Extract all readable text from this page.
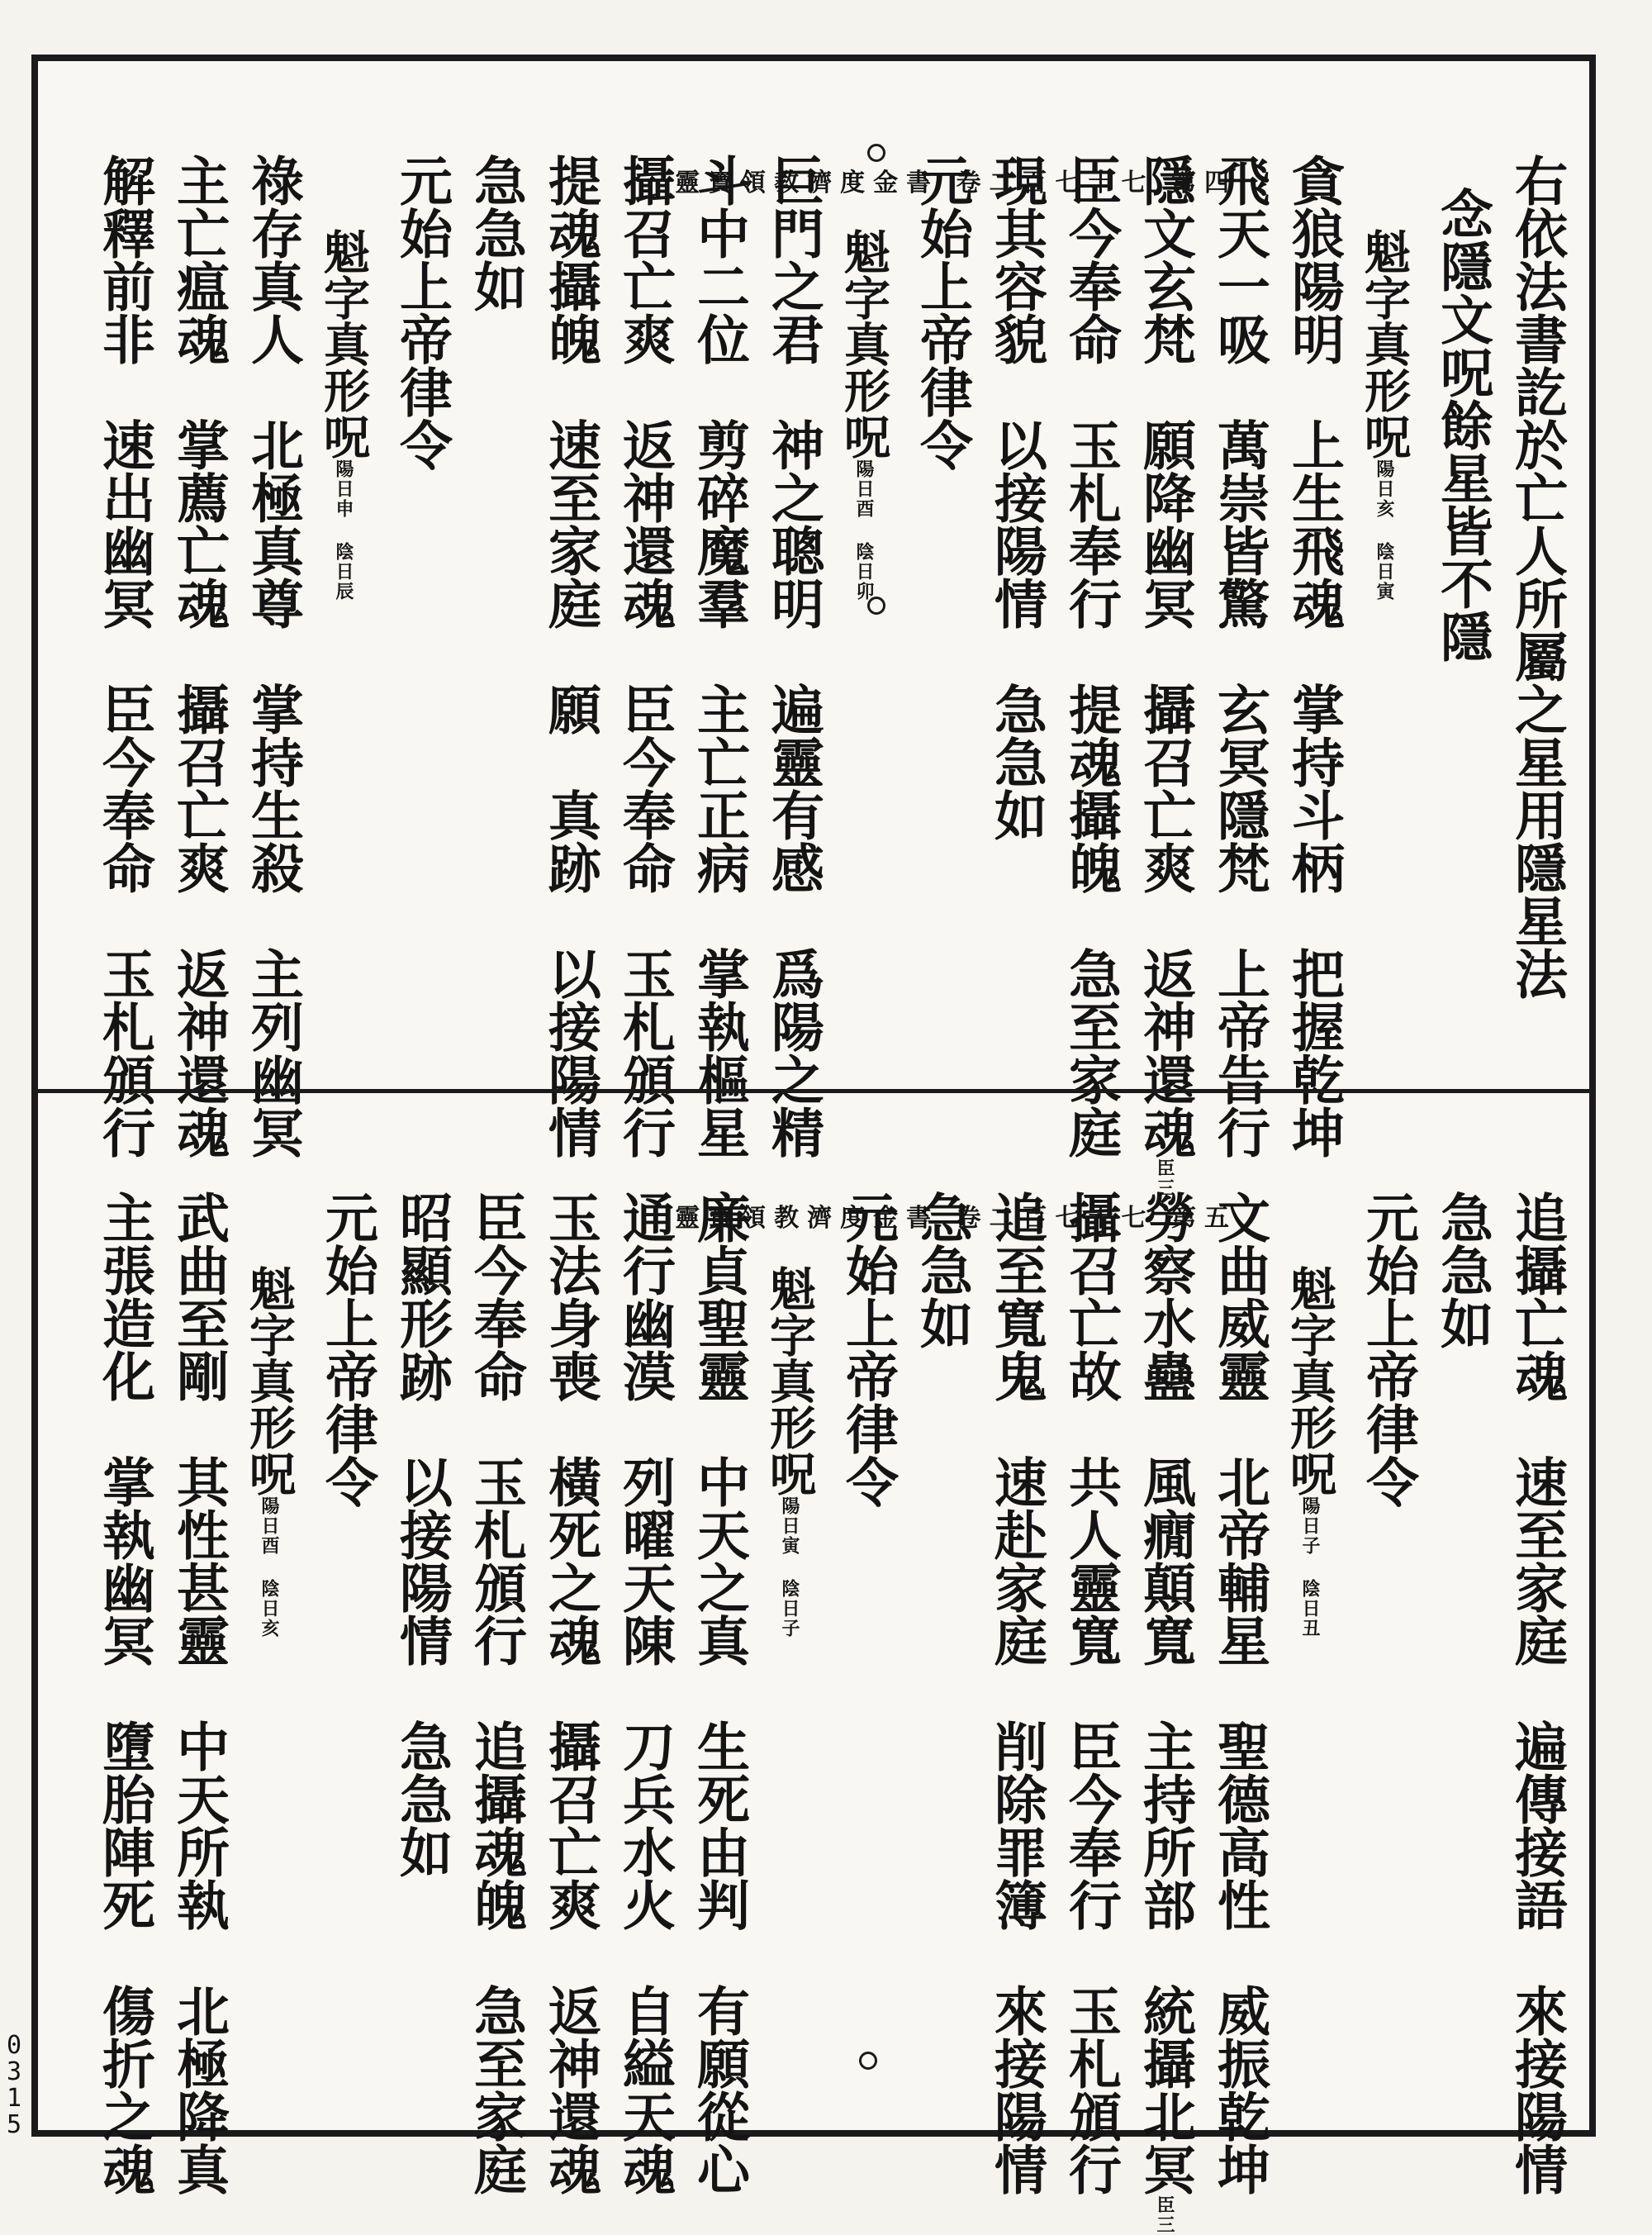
靈寶領教濟度金書 卷二百七十七 第四	右依法書訖於亡人所屬之星用隱星法
念隱文呪餘星皆不隱
魁字真形呪陽日亥 陰日寅
貪狼陽明　上生飛魂　掌持斗柄　把握乾坤
飛天一吸　萬崇皆驚　玄冥隱梵　上帝告行
隱文玄梵　願降幽冥　攝召亡爽　返神還魂臣三
臣今奉命　玉札奉行　提魂攝魄　急至家庭
現其容貌　以接陽情　急急如
元始上帝律令
魁字真形呪陽日酉 陰日卯
巨門之君　神之聰明　遍靈有感　爲陽之精
斗中二位　剪碎魔羣　主亡正病　掌執樞星
攝召亡爽　返神還魂　臣今奉命　玉札頒行
提魂攝魄　速至家庭　願　真跡　以接陽情
急急如
元始上帝律令
魁字真形呪陽日申 陰日辰
祿存真人　北極真尊　掌持生殺　主列幽冥
主亡瘟魂　掌薦亡魂　攝召亡爽　返神還魂
解釋前非　速出幽冥　臣今奉命　玉札頒行
靈寶領教濟度金書 卷二百七十七 第五	追攝亡魂　速至家庭　遍傳接語　來接陽情
急急如
元始上帝律令
魁字真形呪陽日子 陰日丑
文曲威靈　北帝輔星　聖德高性　威振乾坤
勞察水蠱　風癇顛寬　主持所部　統攝北冥臣三
攝召亡故　共人靈寬　臣今奉行　玉札頒行
追至寬鬼　速赴家庭　削除罪簿　來接陽情
急急如
元始上帝律令
魁字真形呪陽日寅 陰日子
廉貞聖靈　中天之真　生死由判　有願從心
通行幽漠　列曜天陳　刀兵水火　自縊天魂
玉法身喪　橫死之魂　攝召亡爽　返神還魂
臣今奉命　玉札頒行　追攝魂魄　急至家庭
昭顯形跡　以接陽情　急急如
元始上帝律令
魁字真形呪陽日酉 陰日亥
武曲至剛　其性甚靈　中天所執　北極降真
主張造化　掌執幽冥　墮胎陣死　傷折之魂
0315
